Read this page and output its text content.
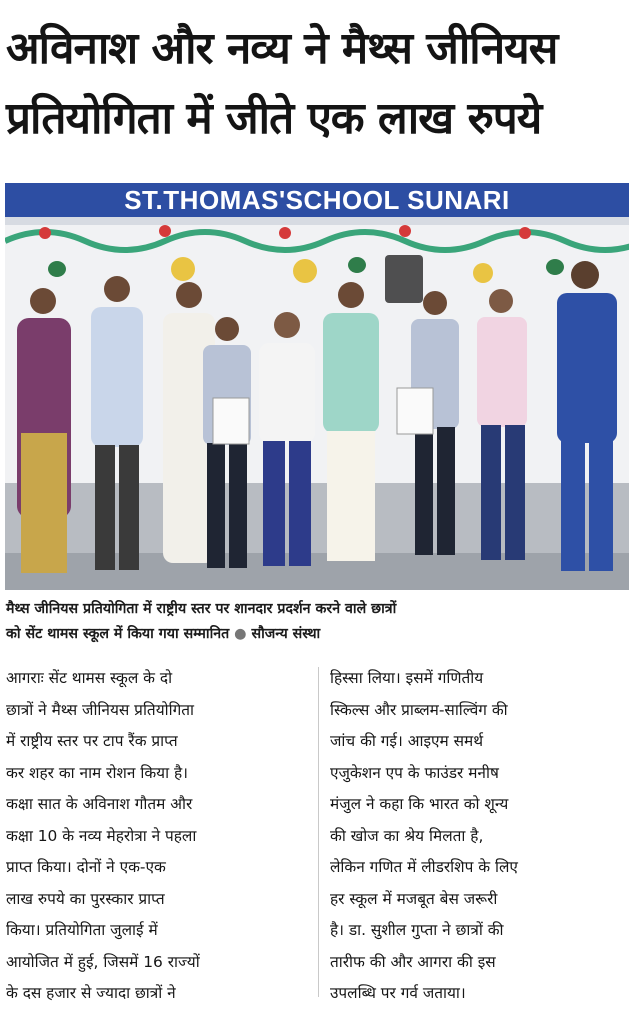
अविनाश और नव्य ने मैथ्स जीनियस
प्रतियोगिता में जीते एक लाख रुपये
ST.THOMAS'SCHOOL SUNARI
मैथ्स जीनियस प्रतियोगिता में राष्ट्रीय स्तर पर शानदार प्रदर्शन करने वाले छात्रों
को सेंट थामस स्कूल में किया गया सम्मानित ● सौजन्य संस्था
आगराः सेंट थामस स्कूल के दो
छात्रों ने मैथ्स जीनियस प्रतियोगिता
में राष्ट्रीय स्तर पर टाप रैंक प्राप्त
कर शहर का नाम रोशन किया है।
कक्षा सात के अविनाश गौतम और
कक्षा 10 के नव्य मेहरोत्रा ने पहला
प्राप्त किया। दोनों ने एक-एक
लाख रुपये का पुरस्कार प्राप्त
किया। प्रतियोगिता जुलाई में
आयोजित में हुई, जिसमें 16 राज्यों
के दस हजार से ज्यादा छात्रों ने
हिस्सा लिया। इसमें गणितीय
स्किल्स और प्राब्लम-साल्विंग की
जांच की गई। आइएम समर्थ
एजुकेशन एप के फाउंडर मनीष
मंजुल ने कहा कि भारत को शून्य
की खोज का श्रेय मिलता है,
लेकिन गणित में लीडरशिप के लिए
हर स्कूल में मजबूत बेस जरूरी
है। डा. सुशील गुप्ता ने छात्रों की
तारीफ की और आगरा की इस
उपलब्धि पर गर्व जताया।
